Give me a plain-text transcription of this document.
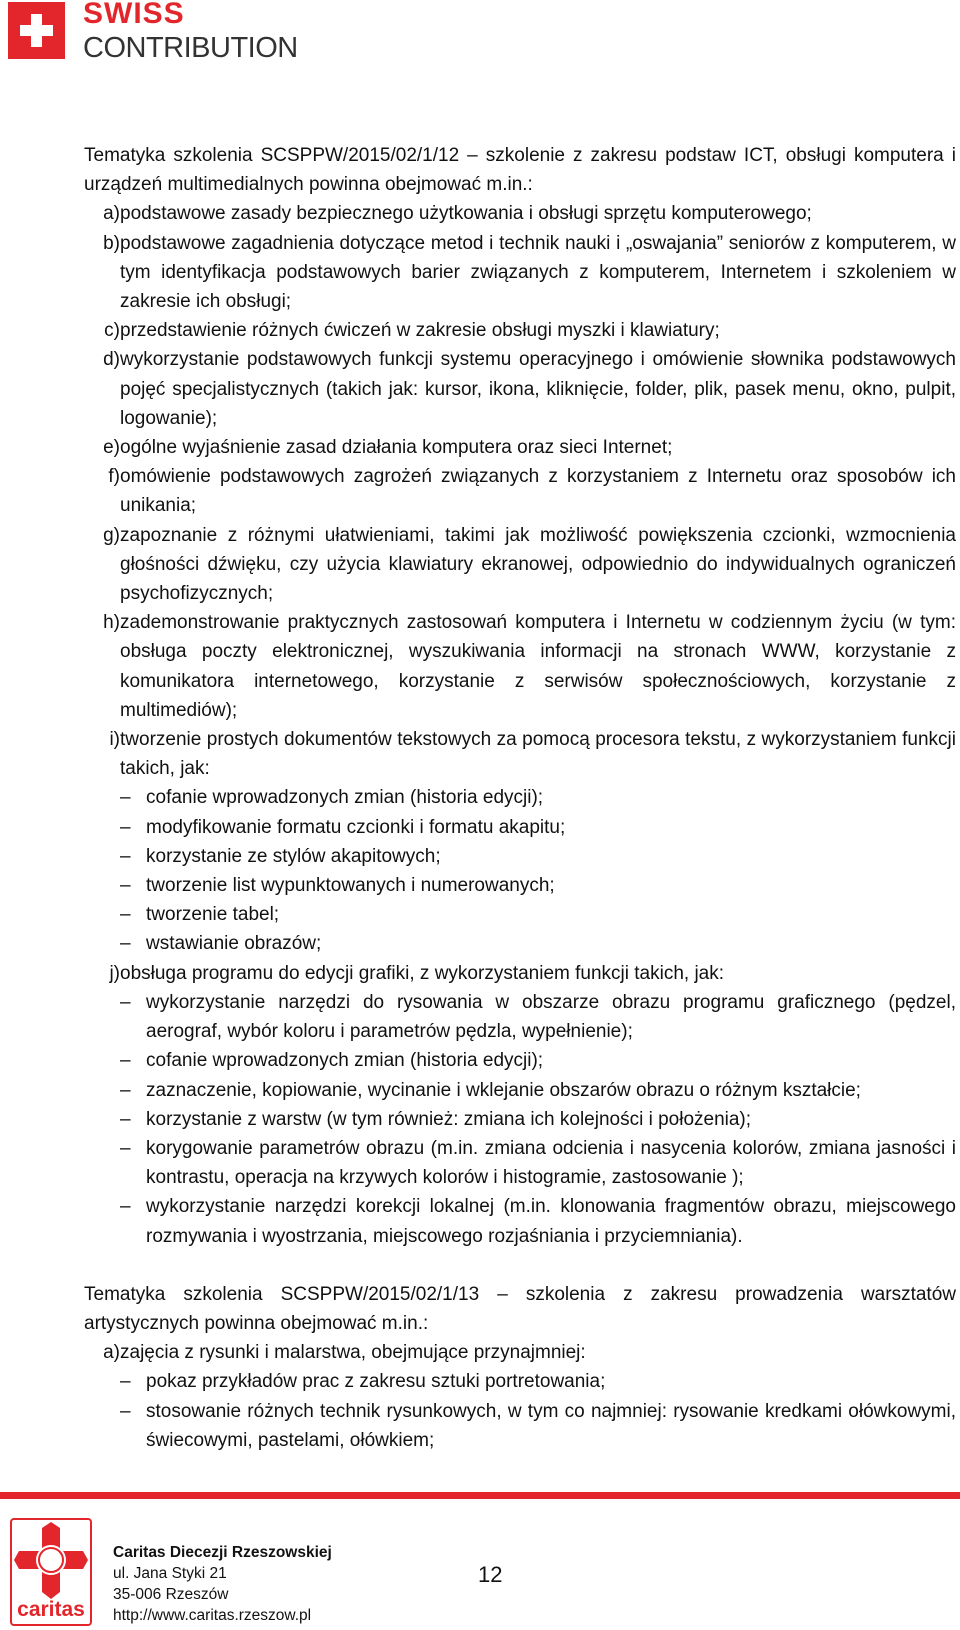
SWISS
CONTRIBUTION

Tematyka szkolenia SCSPPW/2015/02/1/12 – szkolenie z zakresu podstaw ICT, obsługi komputera i urządzeń multimedialnych powinna obejmować m.in.:

a) podstawowe zasady bezpiecznego użytkowania i obsługi sprzętu komputerowego;
b) podstawowe zagadnienia dotyczące metod i technik nauki i „oswajania” seniorów z komputerem, w tym identyfikacja podstawowych barier związanych z komputerem, Internetem i szkoleniem w zakresie ich obsługi;
c) przedstawienie różnych ćwiczeń w zakresie obsługi myszki i klawiatury;
d) wykorzystanie podstawowych funkcji systemu operacyjnego i omówienie słownika podstawowych pojęć specjalistycznych (takich jak: kursor, ikona, kliknięcie, folder, plik, pasek menu, okno, pulpit, logowanie);
e) ogólne wyjaśnienie zasad działania komputera oraz sieci Internet;
f) omówienie podstawowych zagrożeń związanych z korzystaniem z Internetu oraz sposobów ich unikania;
g) zapoznanie z różnymi ułatwieniami, takimi jak możliwość powiększenia czcionki, wzmocnienia głośności dźwięku, czy użycia klawiatury ekranowej, odpowiednio do indywidualnych ograniczeń psychofizycznych;
h) zademonstrowanie praktycznych zastosowań komputera i Internetu w codziennym życiu (w tym: obsługa poczty elektronicznej, wyszukiwania informacji na stronach WWW, korzystanie z komunikatora internetowego, korzystanie z serwisów społecznościowych, korzystanie z multimediów);
i) tworzenie prostych dokumentów tekstowych za pomocą procesora tekstu, z wykorzystaniem funkcji takich, jak:
– cofanie wprowadzonych zmian (historia edycji);
– modyfikowanie formatu czcionki i formatu akapitu;
– korzystanie ze stylów akapitowych;
– tworzenie list wypunktowanych i numerowanych;
– tworzenie tabel;
– wstawianie obrazów;
j) obsługa programu do edycji grafiki, z wykorzystaniem funkcji takich, jak:
– wykorzystanie narzędzi do rysowania w obszarze obrazu programu graficznego (pędzel, aerograf, wybór koloru i parametrów pędzla, wypełnienie);
– cofanie wprowadzonych zmian (historia edycji);
– zaznaczenie, kopiowanie, wycinanie i wklejanie obszarów obrazu o różnym kształcie;
– korzystanie z warstw (w tym również: zmiana ich kolejności i położenia);
– korygowanie parametrów obrazu (m.in. zmiana odcienia i nasycenia kolorów, zmiana jasności i kontrastu, operacja na krzywych kolorów i histogramie, zastosowanie );
– wykorzystanie narzędzi korekcji lokalnej (m.in. klonowania fragmentów obrazu, miejscowego rozmywania i wyostrzania, miejscowego rozjaśniania i przyciemniania).

Tematyka szkolenia SCSPPW/2015/02/1/13 – szkolenia z zakresu prowadzenia warsztatów artystycznych powinna obejmować m.in.:

a) zajęcia z rysunki i malarstwa, obejmujące przynajmniej:
– pokaz przykładów prac z zakresu sztuki portretowania;
– stosowanie różnych technik rysunkowych, w tym co najmniej: rysowanie kredkami ołówkowymi, świecowymi, pastelami, ołówkiem;
caritas
Caritas Diecezji Rzeszowskiej
ul. Jana Styki 21
35-006 Rzeszów
http://www.caritas.rzeszow.pl
12
